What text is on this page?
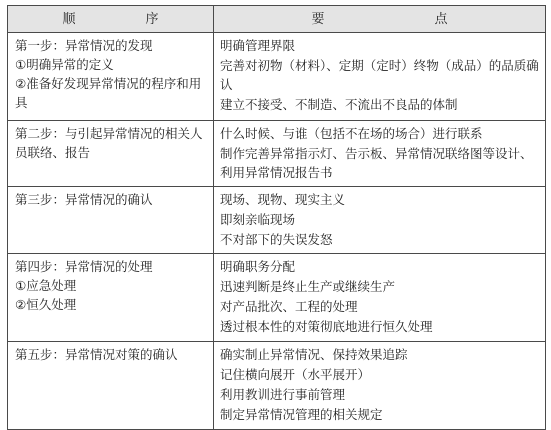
顺 序	要 点

第一步：异常情况的发现
①明确异常的定义
②准备好发现异常情况的程序和用具	明确管理界限
完善对初物（材料）、定期（定时）终物（成品）的品质确认
建立不接受、不制造、不流出不良品的体制

第二步：与引起异常情况的相关人员联络、报告	什么时候、与谁（包括不在场的场合）进行联系
制作完善异常指示灯、告示板、异常情况联络图等设计、利用异常情况报告书

第三步：异常情况的确认	现场、现物、现实主义
即刻亲临现场
不对部下的失误发怒

第四步：异常情况的处理
①应急处理
②恒久处理	明确职务分配
迅速判断是终止生产或继续生产
对产品批次、工程的处理
透过根本性的对策彻底地进行恒久处理

第五步：异常情况对策的确认	确实制止异常情况、保持效果追踪
记住横向展开（水平展开）
利用教训进行事前管理
制定异常情况管理的相关规定
